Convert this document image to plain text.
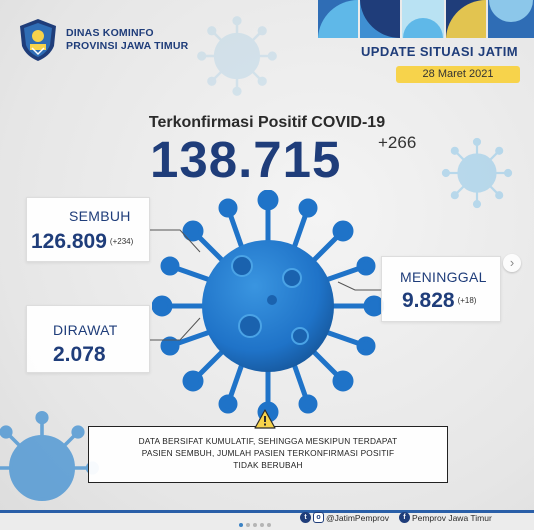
DINAS KOMINFO
PROVINSI JAWA TIMUR	UPDATE SITUASI JATIM
28 Maret 2021
Terkonfirmasi Positif COVID-19
138.715 +266
SEMBUH
126.809 (+234)
DIRAWAT
2.078
MENINGGAL
9.828 (+18)
›
DATA BERSIFAT KUMULATIF, SEHINGGA MESKIPUN TERDAPAT
PASIEN SEMBUH, JUMLAH PASIEN TERKONFIRMASI POSITIF
TIDAK BERUBAH
t	o @JatimPemprov	f Pemprov Jawa Timur
